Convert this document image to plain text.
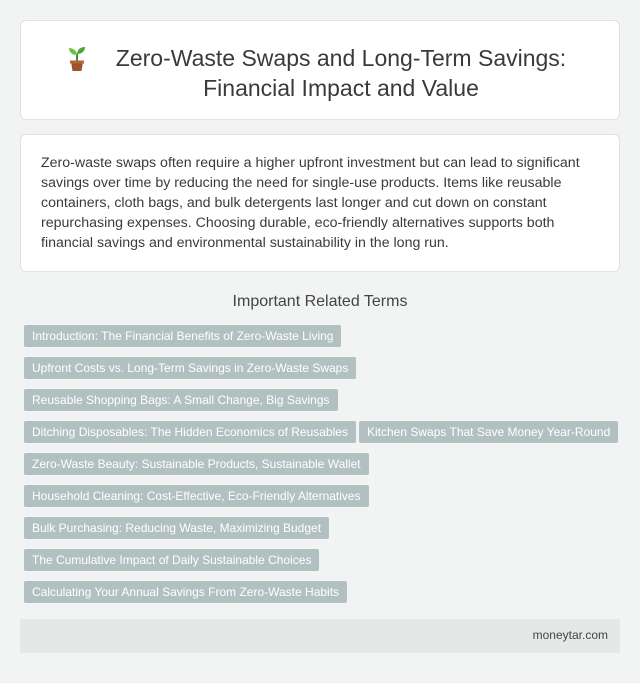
Zero-Waste Swaps and Long-Term Savings: Financial Impact and Value
Zero-waste swaps often require a higher upfront investment but can lead to significant savings over time by reducing the need for single-use products. Items like reusable containers, cloth bags, and bulk detergents last longer and cut down on constant repurchasing expenses. Choosing durable, eco-friendly alternatives supports both financial savings and environmental sustainability in the long run.
Important Related Terms
Introduction: The Financial Benefits of Zero-Waste Living
Upfront Costs vs. Long-Term Savings in Zero-Waste Swaps
Reusable Shopping Bags: A Small Change, Big Savings
Ditching Disposables: The Hidden Economics of Reusables	Kitchen Swaps That Save Money Year-Round
Zero-Waste Beauty: Sustainable Products, Sustainable Wallet
Household Cleaning: Cost-Effective, Eco-Friendly Alternatives
Bulk Purchasing: Reducing Waste, Maximizing Budget
The Cumulative Impact of Daily Sustainable Choices
Calculating Your Annual Savings From Zero-Waste Habits
moneytar.com
